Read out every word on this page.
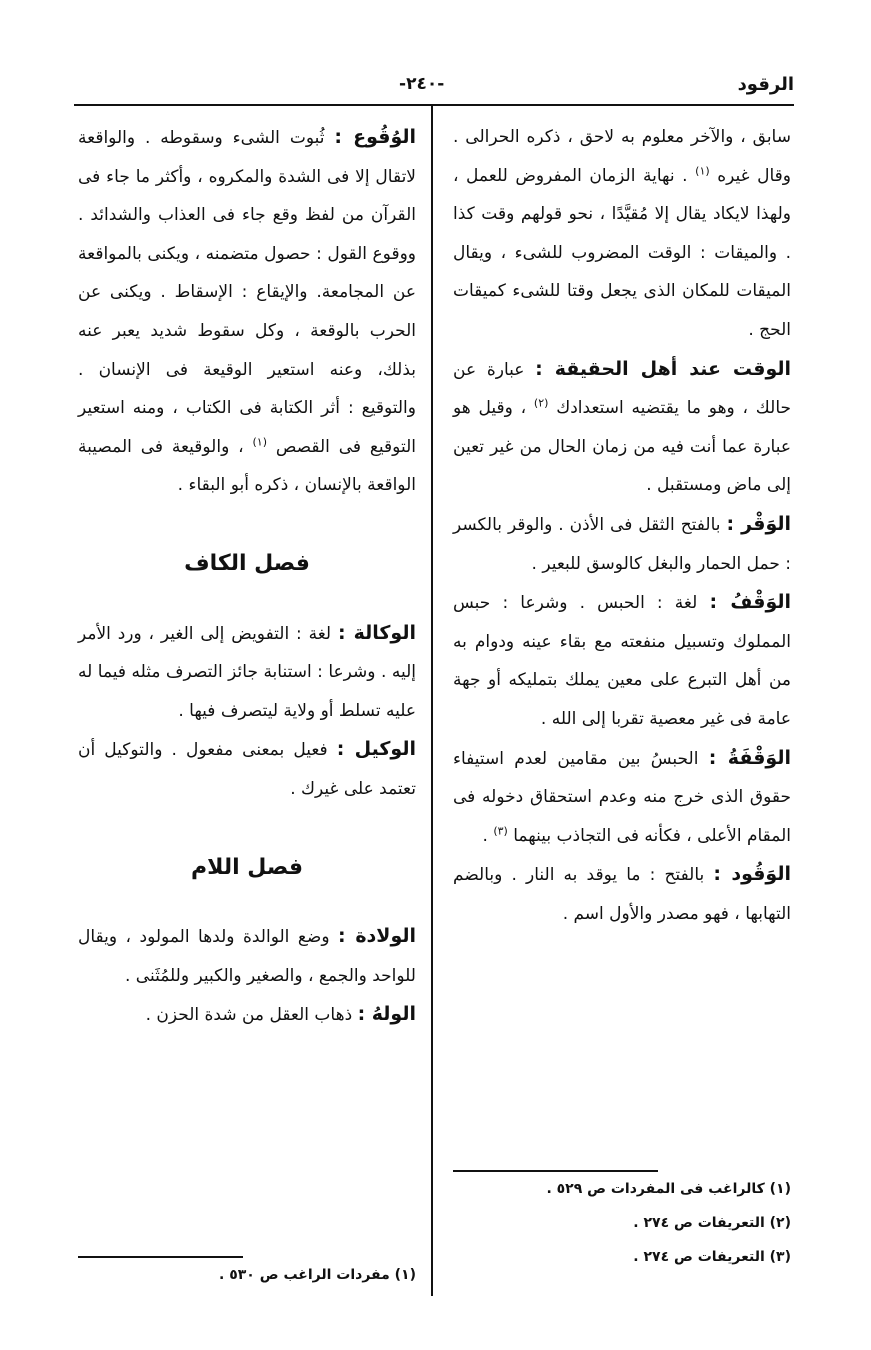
الرقود
-٢٤٠-

سابق ، والآخر معلوم به لاحق ، ذكره الحرالى . وقال غيره $^{(١)}$ . نهاية الزمان المفروض للعمل ، ولهذا لايكاد يقال إلا مُقيَّدًا ، نحو قولهم وقت كذا . والميقات : الوقت المضروب للشىء ، ويقال الميقات للمكان الذى يجعل وقتا للشىء كميقات الحج .

الوقت عند أهل الحقيقة : عبارة عن حالك ، وهو ما يقتضيه استعدادك $^{(٢)}$ ، وقيل هو عبارة عما أنت فيه من زمان الحال من غير تعين إلى ماض ومستقبل .

الوَقْر : بالفتح الثقل فى الأذن . والوقر بالكسر : حمل الحمار والبغل كالوسق للبعير .

الوَقْفُ : لغة : الحبس . وشرعا : حبس المملوك وتسبيل منفعته مع بقاء عينه ودوام به من أهل التبرع على معين يملك بتمليكه أو جهة عامة فى غير معصية تقربا إلى الله .

الوَقْفَةُ : الحبسُ بين مقامين لعدم استيفاء حقوق الذى خرج منه وعدم استحقاق دخوله فى المقام الأعلى ، فكأنه فى التجاذب بينهما $^{(٣)}$ .

الوَقُود : بالفتح : ما يوقد به النار . وبالضم التهابها ، فهو مصدر والأول اسم .

(١) كالراغب فى المفردات ص ٥٢٩ .

(٢) التعريفات ص ٢٧٤ .

(٣) التعريفات ص ٢٧٤ .

الوُقُوع : ثُبوت الشىء وسقوطه . والواقعة لاتقال إلا فى الشدة والمكروه ، وأكثر ما جاء فى القرآن من لفظ وقع جاء فى العذاب والشدائد . ووقوع القول : حصول متضمنه ، ويكنى بالمواقعة عن المجامعة. والإيقاع : الإسقاط . ويكنى عن الحرب بالوقعة ، وكل سقوط شديد يعبر عنه بذلك، وعنه استعير الوقيعة فى الإنسان . والتوقيع : أثر الكتابة فى الكتاب ، ومنه استعير التوقيع فى القصص $^{(١)}$ ، والوقيعة فى المصيبة الواقعة بالإنسان ، ذكره أبو البقاء .

فصل الكاف

الوكالة : لغة : التفويض إلى الغير ، ورد الأمر إليه . وشرعا : استنابة جائز التصرف مثله فيما له عليه تسلط أو ولاية ليتصرف فيها .

الوكيل : فعيل بمعنى مفعول . والتوكيل أن تعتمد على غيرك .

فصل اللام

الولادة : وضع الوالدة ولدها المولود ، ويقال للواحد والجمع ، والصغير والكبير وللمُثَنى .

الولهُ : ذهاب العقل من شدة الحزن .

(١) مفردات الراغب ص ٥٣٠ .
